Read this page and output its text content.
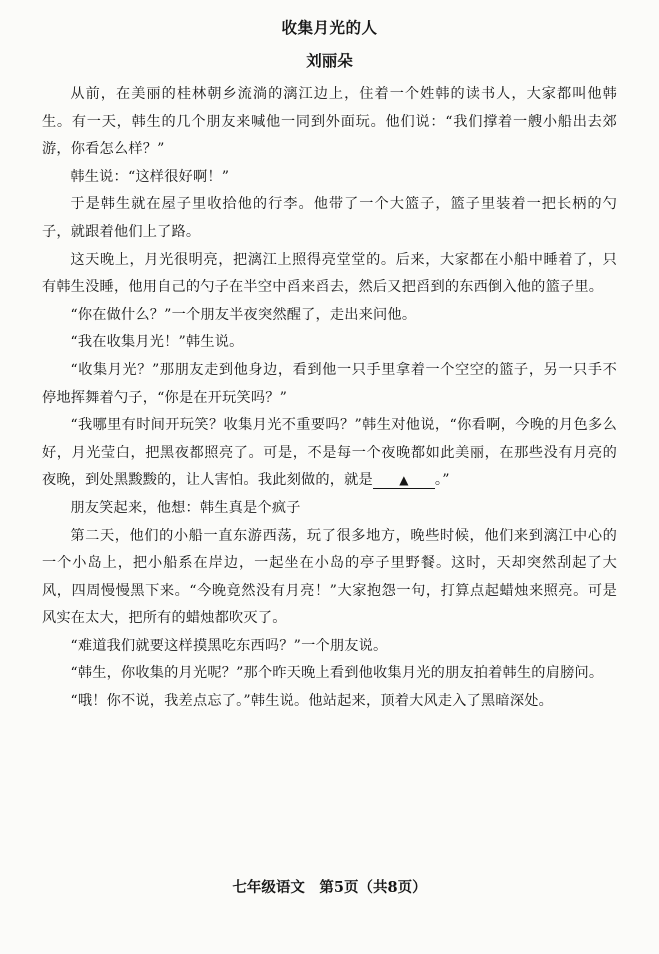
收集月光的人
刘丽朵

从前，在美丽的桂林朝乡流淌的漓江边上，住着一个姓韩的读书人，大家都叫他韩生。有一天，韩生的几个朋友来喊他一同到外面玩。他们说：“我们撑着一艘小船出去郊游，你看怎么样？”

韩生说：“这样很好啊！”

于是韩生就在屋子里收拾他的行李。他带了一个大篮子，篮子里装着一把长柄的勺子，就跟着他们上了路。

这天晚上，月光很明亮，把漓江上照得亮堂堂的。后来，大家都在小船中睡着了，只有韩生没睡，他用自己的勺子在半空中舀来舀去，然后又把舀到的东西倒入他的篮子里。

“你在做什么？”一个朋友半夜突然醒了，走出来问他。

“我在收集月光！”韩生说。

“收集月光？”那朋友走到他身边，看到他一只手里拿着一个空空的篮子，另一只手不停地挥舞着勺子，“你是在开玩笑吗？”

“我哪里有时间开玩笑？收集月光不重要吗？”韩生对他说，“你看啊，今晚的月色多么好，月光莹白，把黑夜都照亮了。可是，不是每一个夜晚都如此美丽，在那些没有月亮的夜晚，到处黑黢黢的，让人害怕。我此刻做的，就是 ▲ 。”

朋友笑起来，他想：韩生真是个疯子

第二天，他们的小船一直东游西荡，玩了很多地方，晚些时候，他们来到漓江中心的一个小岛上，把小船系在岸边，一起坐在小岛的亭子里野餐。这时，天却突然刮起了大风，四周慢慢黑下来。“今晚竟然没有月亮！”大家抱怨一句，打算点起蜡烛来照亮。可是风实在太大，把所有的蜡烛都吹灭了。

“难道我们就要这样摸黑吃东西吗？”一个朋友说。

“韩生，你收集的月光呢？”那个昨天晚上看到他收集月光的朋友拍着韩生的肩膀问。

“哦！你不说，我差点忘了。”韩生说。他站起来，顶着大风走入了黑暗深处。

七年级语文　第5页（共8页）
